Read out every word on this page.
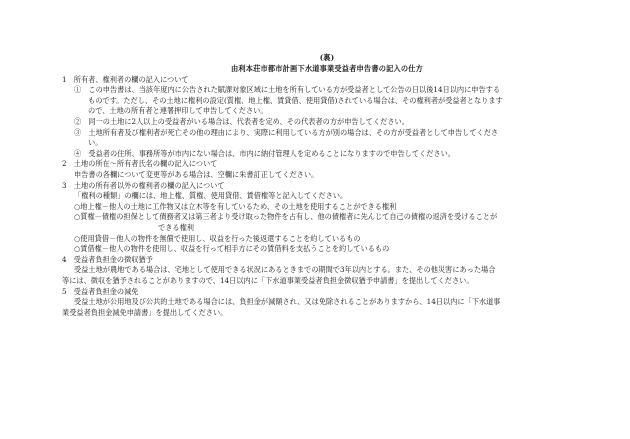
(裏)
由利本荘市都市計画下水道事業受益者申告書の記入の仕方
1　所有者、権利者の欄の記入について
①　この申告書は、当該年度内に公告された賦課対象区域に土地を所有している方が受益者として公告の日以後14日以内に申告する
ものです。ただし、その土地に権利の設定(質権、地上権、賃貸借、使用貸借)されている場合は、その権利者が受益者となります
ので、土地の所有者と連署押印して申告してください。
②　同一の土地に2人以上の受益者がいる場合は、代表者を定め、その代表者の方が申告してください。
③　土地所有者及び権利者が死亡その他の理由により、実際に利用している方が別の場合は、その方が受益者として申告してくださ
い。
④　受益者の住所、事務所等が市内にない場合は、市内に納付管理人を定めることになりますので申告してください。
2　土地の所在～所有者氏名の欄の記入について
申告書の各欄について変更等がある場合は、空欄に朱書訂正してください。
3　土地の所有者以外の権利者の欄の記入について
「権利の種類」の欄には、地上権、質権、使用貸借、賃借権等と記入してください。
○地上権－他人の土地に工作物又は立木等を有しているため、その土地を使用することができる権利
○質権－債権の担保として債務者又は第三者より受け取った物件を占有し、他の債権者に先んじて自己の債権の返済を受けることが
できる権利
○使用貸借－他人の物件を無償で使用し、収益を行った後返還することを約しているもの
○賃借権－他人の物件を使用し、収益を行って相手方にその賃借料を支払うことを約しているもの
4　受益者負担金の徴収猶予
受益土地が農地である場合は、宅地として使用できる状況にあるときまでの期間で3年以内とする。また、その他災害にあった場合
等には、徴収を猶予されることがありますので、14日以内に「下水道事業受益者負担金徴収猶予申請書」を提出してください。
5　受益者負担金の減免
受益土地が公用地及び公共的土地である場合には、負担金が減額され、又は免除されることがありますから、14日以内に「下水道事
業受益者負担金減免申請書」を提出してください。
